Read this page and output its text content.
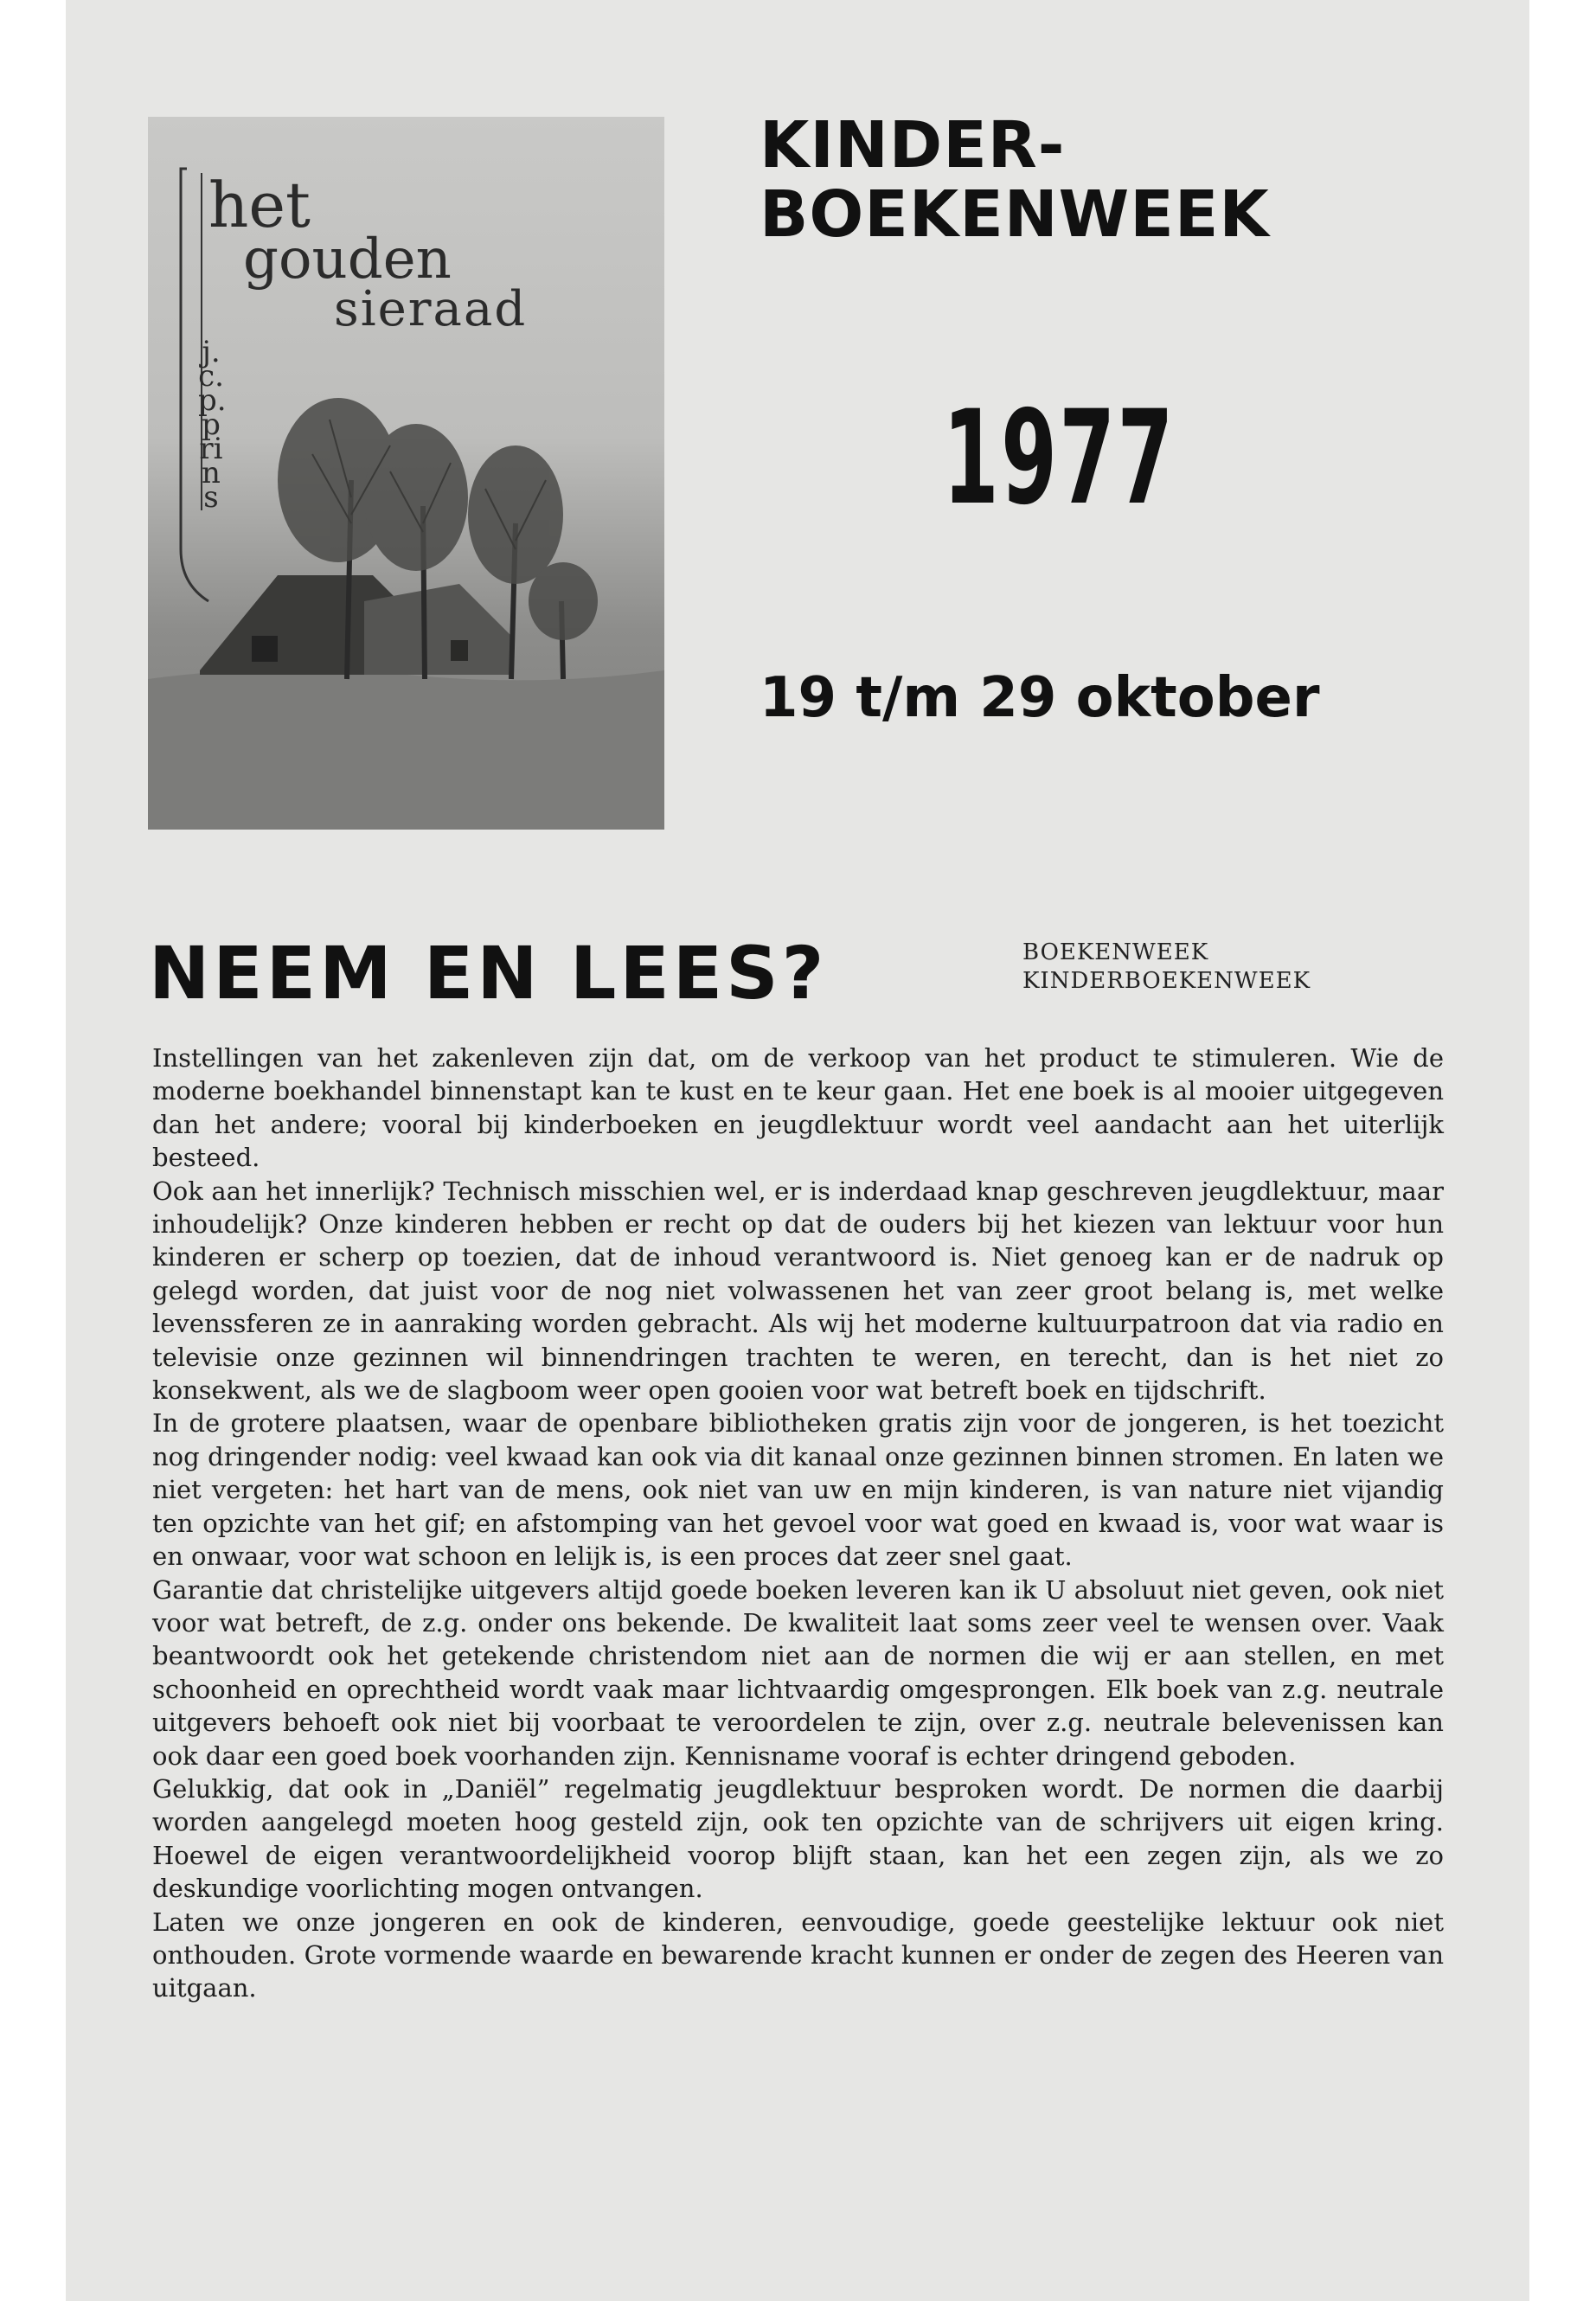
het
gouden
sieraad
j.c.p.prins
KINDER-
BOEKENWEEK
1977
19 t/m 29 oktober
NEEM EN LEES?	BOEKENWEEK
KINDERBOEKENWEEK

Instellingen van het zakenleven zijn dat, om de verkoop van het product te stimuleren. Wie de moderne boekhandel binnenstapt kan te kust en te keur gaan. Het ene boek is al mooier uitgegeven dan het andere; vooral bij kinderboeken en jeugdlektuur wordt veel aandacht aan het uiterlijk besteed.

Ook aan het innerlijk? Technisch misschien wel, er is inderdaad knap geschreven jeugdlektuur, maar inhoudelijk? Onze kinderen hebben er recht op dat de ouders bij het kiezen van lektuur voor hun kinderen er scherp op toezien, dat de inhoud verantwoord is. Niet genoeg kan er de nadruk op gelegd worden, dat juist voor de nog niet volwassenen het van zeer groot belang is, met welke levenssferen ze in aanraking worden gebracht. Als wij het moderne kultuurpatroon dat via radio en televisie onze gezinnen wil binnendringen trachten te weren, en terecht, dan is het niet zo konsekwent, als we de slagboom weer open gooien voor wat betreft boek en tijdschrift.

In de grotere plaatsen, waar de openbare bibliotheken gratis zijn voor de jongeren, is het toezicht nog dringender nodig: veel kwaad kan ook via dit kanaal onze gezinnen binnen stromen. En laten we niet vergeten: het hart van de mens, ook niet van uw en mijn kinderen, is van nature niet vijandig ten opzichte van het gif; en afstomping van het gevoel voor wat goed en kwaad is, voor wat waar is en onwaar, voor wat schoon en lelijk is, is een proces dat zeer snel gaat.

Garantie dat christelijke uitgevers altijd goede boeken leveren kan ik U absoluut niet geven, ook niet voor wat betreft, de z.g. onder ons bekende. De kwaliteit laat soms zeer veel te wensen over. Vaak beantwoordt ook het getekende christendom niet aan de normen die wij er aan stellen, en met schoonheid en oprechtheid wordt vaak maar lichtvaardig omgesprongen. Elk boek van z.g. neutrale uitgevers behoeft ook niet bij voorbaat te veroordelen te zijn, over z.g. neutrale belevenissen kan ook daar een goed boek voorhanden zijn. Kennisname vooraf is echter dringend geboden.

Gelukkig, dat ook in „Daniël” regelmatig jeugdlektuur besproken wordt. De normen die daarbij worden aangelegd moeten hoog gesteld zijn, ook ten opzichte van de schrijvers uit eigen kring. Hoewel de eigen verantwoordelijkheid voorop blijft staan, kan het een zegen zijn, als we zo deskundige voorlichting mogen ontvangen.

Laten we onze jongeren en ook de kinderen, eenvoudige, goede geestelijke lektuur ook niet onthouden. Grote vormende waarde en bewarende kracht kunnen er onder de zegen des Heeren van uitgaan.
